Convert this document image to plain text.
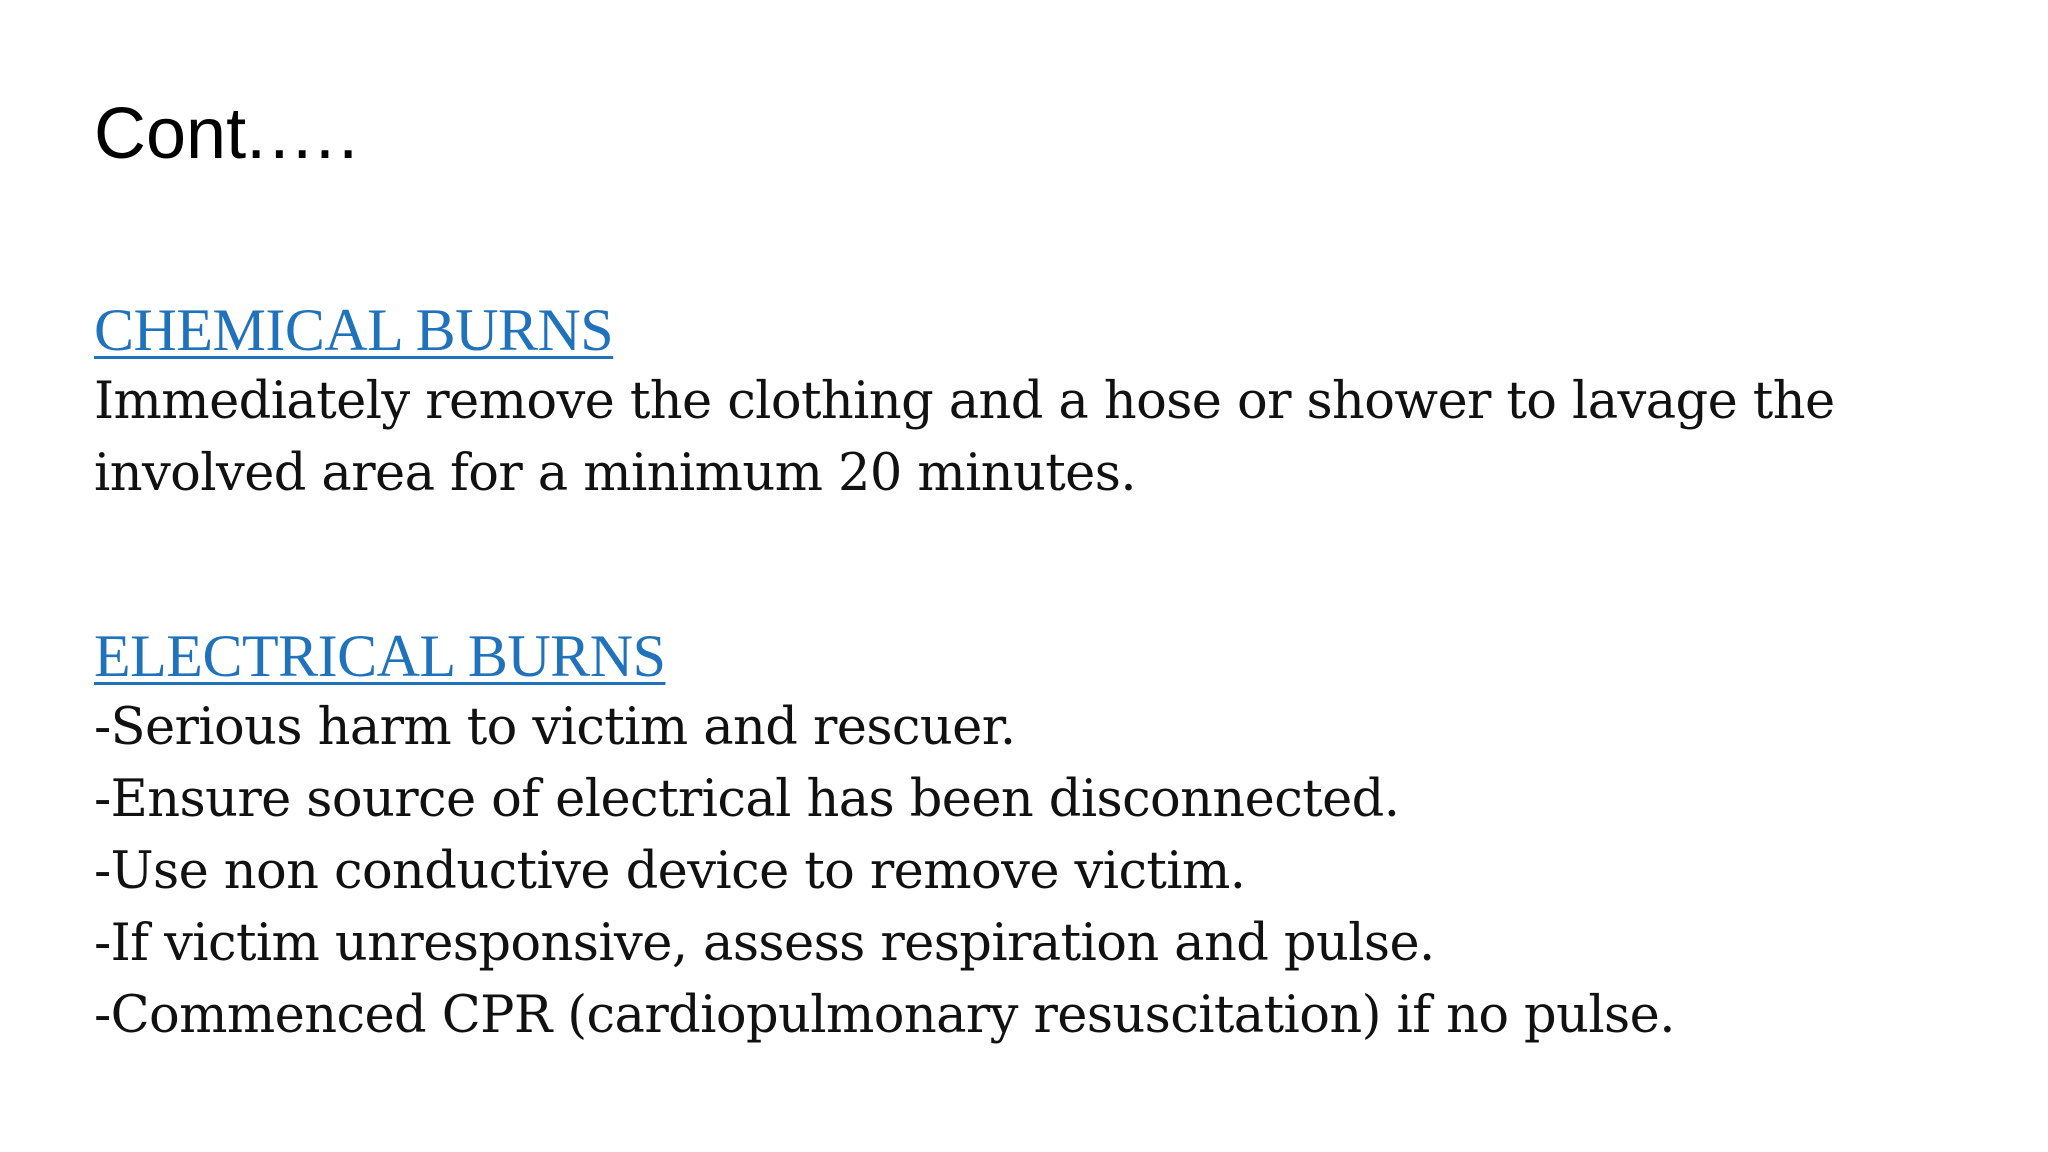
Cont.….
CHEMICAL BURNS
Immediately remove the clothing and a hose or shower to lavage the
involved area for a minimum 20 minutes.
ELECTRICAL BURNS
-Serious harm to victim and rescuer.
-Ensure source of electrical has been disconnected.
-Use non conductive device to remove victim.
-If victim unresponsive, assess respiration and pulse.
-Commenced CPR (cardiopulmonary resuscitation) if no pulse.
